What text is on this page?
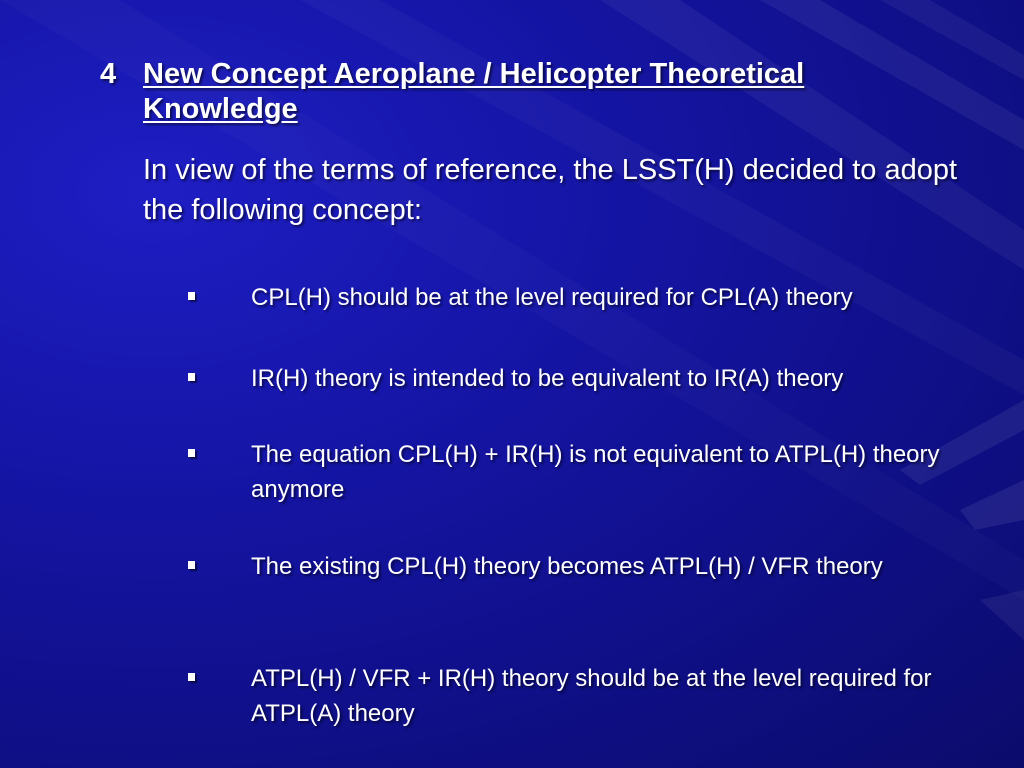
4 New Concept Aeroplane / Helicopter Theoretical Knowledge
In view of the terms of reference, the LSST(H) decided to adopt the following concept:
CPL(H) should be at the level required for CPL(A) theory
IR(H) theory is intended to be equivalent to IR(A) theory
The equation CPL(H) + IR(H) is not equivalent to ATPL(H) theory anymore
The existing CPL(H) theory becomes ATPL(H) / VFR theory
ATPL(H) / VFR + IR(H) theory should be at the level required for ATPL(A) theory
